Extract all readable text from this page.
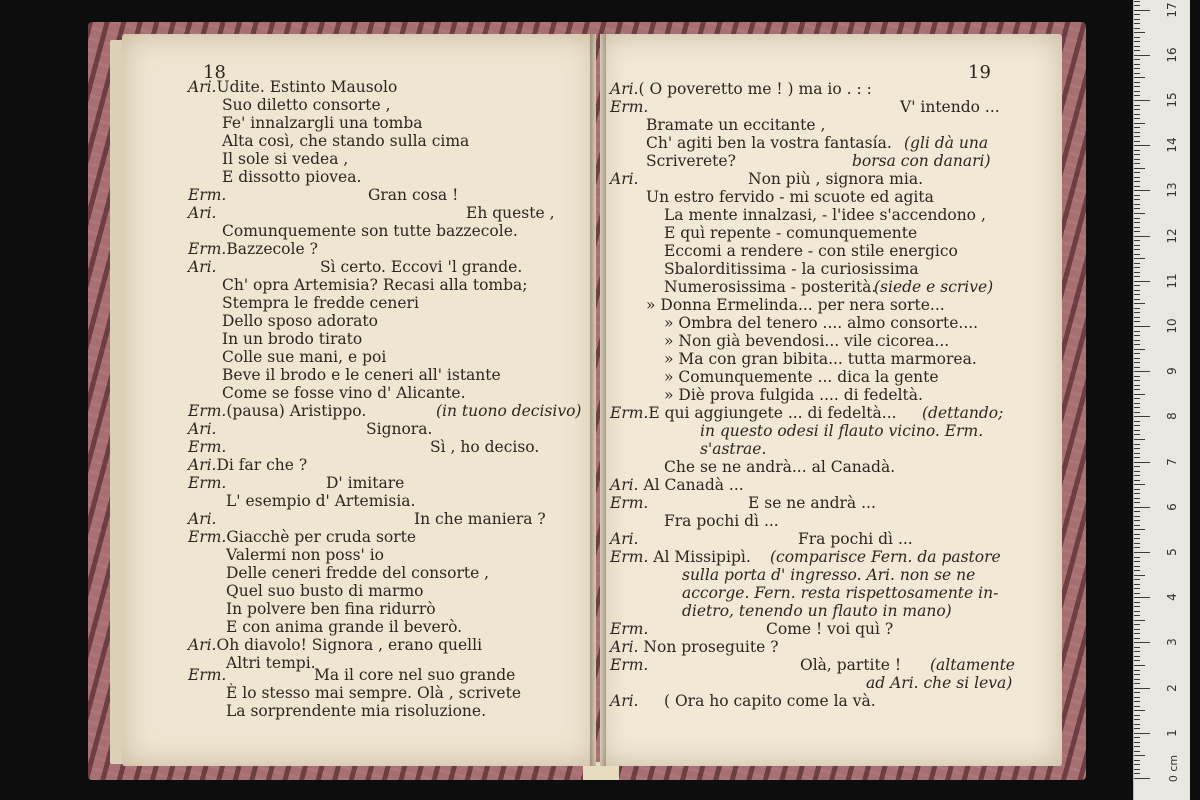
18	19
Ari.Udite. Estinto Mausolo
Suo diletto consorte ,
Fe' innalzargli una tomba
Alta così, che stando sulla cima
Il sole si vedea ,
E dissotto piovea.
Erm.	Gran cosa !
Ari.	Eh queste ,
Comunquemente son tutte bazzecole.
Erm.Bazzecole ?
Ari.	Sì certo. Eccovi 'l grande.
Ch' opra Artemisia? Recasi alla tomba;
Stempra le fredde ceneri
Dello sposo adorato
In un brodo tirato
Colle sue mani, e poi
Beve il brodo e le ceneri all' istante
Come se fosse vino d' Alicante.
Erm.(pausa) Aristippo.	(in tuono decisivo)
Ari.	Signora.
Erm.	Sì , ho deciso.
Ari.Di far che ?
Erm.	D' imitare
L' esempio d' Artemisia.
Ari.	In che maniera ?
Erm.Giacchè per cruda sorte
Valermi non poss' io
Delle ceneri fredde del consorte ,
Quel suo busto di marmo
In polvere ben fina ridurrò
E con anima grande il beverò.
Ari.Oh diavolo! Signora , erano quelli
Altri tempi.
Erm.	Ma il core nel suo grande
È lo stesso mai sempre. Olà , scrivete
La sorprendente mia risoluzione.
Ari.( O poveretto me ! ) ma io . : :
Erm.	V' intendo ...
Bramate un eccitante ,
Ch' agiti ben la vostra fantasía. (gli dà una
Scriverete?	borsa con danari)
Ari.	Non più , signora mia.
Un estro fervido - mi scuote ed agita
La mente innalzasi, - l'idee s'accendono ,
E quì repente - comunquemente
Eccomi a rendere - con stile energico
Sbalorditissima - la curiosissima
Numerosissima - posterità.
(siede e scrive)
» Donna Ermelinda... per nera sorte...
» Ombra del tenero .... almo consorte....
» Non già bevendosi... vile cicorea...
» Ma con gran bibita... tutta marmorea.
» Comunquemente ... dica la gente
» Diè prova fulgida .... di fedeltà.
Erm.E qui aggiungete ... di fedeltà... (dettando;
in questo odesi il flauto vicino. Erm.
s'astrae.
Che se ne andrà... al Canadà.
Ari. Al Canadà ...
Erm.	E se ne andrà ...
Fra pochi dì ...
Ari.	Fra pochi dì ...
Erm. Al Missipipì. (comparisce Fern. da pastore
sulla porta d' ingresso. Ari. non se ne
accorge. Fern. resta rispettosamente in-
dietro, tenendo un flauto in mano)
Erm.	Come ! voi quì ?
Ari. Non proseguite ?
Erm.	Olà, partite ! (altamente
ad Ari. che si leva)
Ari. ( Ora ho capito come la và.
0 cm
1
2
3
4
5
6
7
8
9
10
11
12
13
14
15
16
17
